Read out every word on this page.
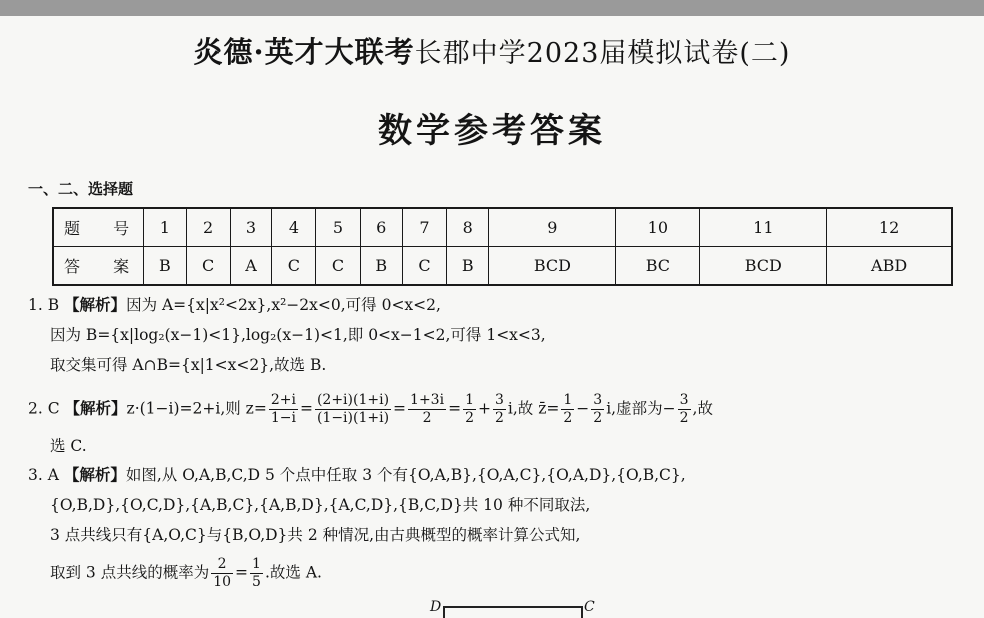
炎德·英才大联考长郡中学2023届模拟试卷(二)
数学参考答案
一、二、选择题
题 号	1	2	3	4	5	6	7	8	9	10	11	12
答 案	B	C	A	C	C	B	C	B	BCD	BC	BCD	ABD
1. B 【解析】因为 A={x|x²<2x},x²−2x<0,可得 0<x<2,
因为 B={x|log₂(x−1)<1},log₂(x−1)<1,即 0<x−1<2,可得 1<x<3,
取交集可得 A∩B={x|1<x<2},故选 B.
2. C 【解析】z·(1−i)=2+i,则 $z= \frac{2+i}{1-i} = \frac{(2+i)(1+i)}{(1-i)(1+i)} = \frac{1+3i}{2} = \frac{1}{2} + \frac{3}{2} i$,故 z̄= $\frac{1}{2} - \frac{3}{2} i$,虚部为− $\frac{3}{2}$ ,故
选 C.
3. A 【解析】如图,从 O,A,B,C,D 5 个点中任取 3 个有{O,A,B},{O,A,C},{O,A,D},{O,B,C},
{O,B,D},{O,C,D},{A,B,C},{A,B,D},{A,C,D},{B,C,D}共 10 种不同取法,
3 点共线只有{A,O,C}与{B,O,D}共 2 种情况,由古典概型的概率计算公式知,
取到 3 点共线的概率为 $\frac{2}{10} = \frac{1}{5}$ .故选 A.
D	C
